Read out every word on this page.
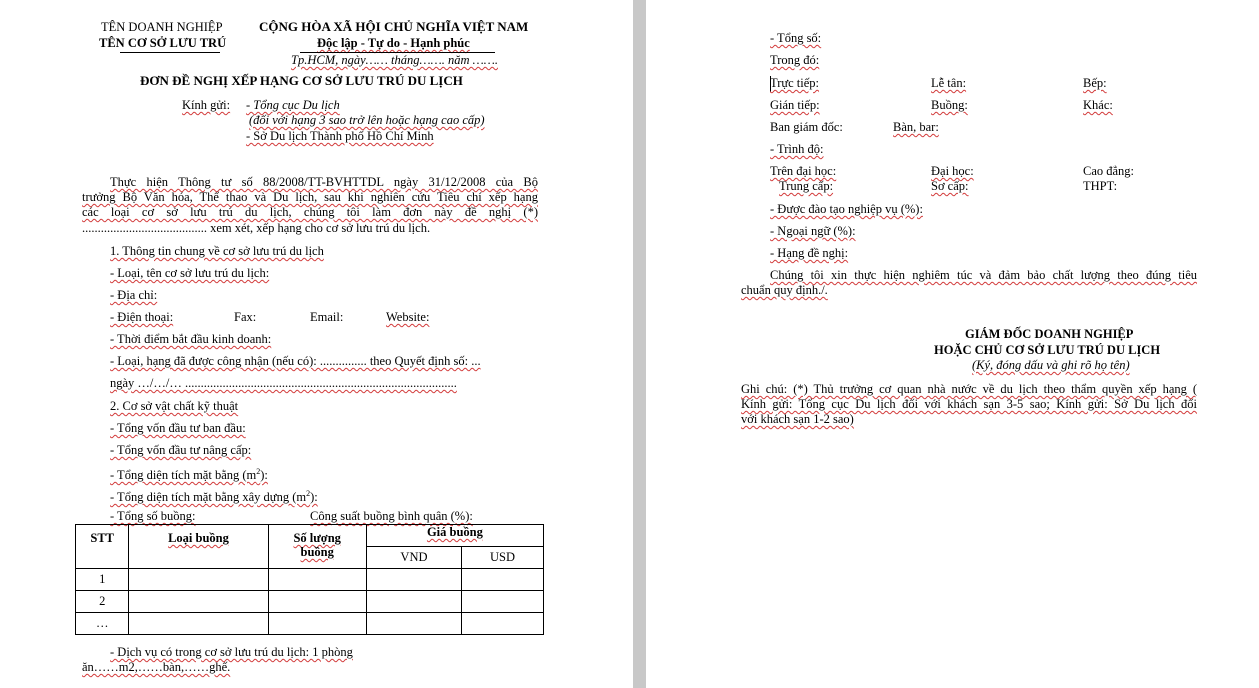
TÊN DOANH NGHIỆP
TÊN CƠ SỞ LƯU TRÚ
CỘNG HÒA XÃ HỘI CHỦ NGHĨA VIỆT NAM
Độc lập - Tự do - Hạnh phúc
Tp.HCM, ngày…… tháng……. năm …….
ĐƠN ĐỀ NGHỊ XẾP HẠNG CƠ SỞ LƯU TRÚ DU LỊCH
Kính gửi: - Tổng cục Du lịch
(đối với hạng 3 sao trở lên hoặc hạng cao cấp)
- Sở Du lịch Thành phố Hồ Chí Minh
Thực hiện Thông tư số 88/2008/TT-BVHTTDL ngày 31/12/2008 của Bộ
trưởng Bộ Văn hóa, Thể thao và Du lịch, sau khi nghiên cứu Tiêu chí xếp hạng
các loại cơ sở lưu trú du lịch, chúng tôi làm đơn này đề nghị (*)
........................................ xem xét, xếp hạng cho cơ sở lưu trú du lịch.
1. Thông tin chung về cơ sở lưu trú du lịch
- Loại, tên cơ sở lưu trú du lịch:
- Địa chỉ:
- Điện thoại:	Fax:	Email:	Website:
- Thời điểm bắt đầu kinh doanh:
- Loại, hạng đã được công nhận (nếu có): ............... theo Quyết định số: ...
ngày …/…/… .......................................................................................
2. Cơ sở vật chất kỹ thuật
- Tổng vốn đầu tư ban đầu:
- Tổng vốn đầu tư nâng cấp:
- Tổng diện tích mặt bằng $(m^2)$:
- Tổng diện tích mặt bằng xây dựng $(m^2)$:
- Tổng số buồng:	Công suất buồng bình quân (%):
STT	Loại buồng	Số lượng buồng	Giá buồng	
			VND	USD
1				
2				
…				
- Dịch vụ có trong cơ sở lưu trú du lịch: 1 phòng
ăn……m2,……bàn,……ghế.
- Tổng số:
Trong đó:
Trực tiếp:	Lễ tân:	Bếp:
Gián tiếp:	Buồng:	Khác:
Ban giám đốc:	Bàn, bar:
- Trình độ:
Trên đại học:	Đại học:	Cao đẳng:
Trung cấp:	Sơ cấp:	THPT:
- Được đào tạo nghiệp vụ (%):
- Ngoại ngữ (%):
- Hạng đề nghị:
Chúng tôi xin thực hiện nghiêm túc và đảm bảo chất lượng theo đúng tiêu
chuẩn quy định./.
GIÁM ĐỐC DOANH NGHIỆP
HOẶC CHỦ CƠ SỞ LƯU TRÚ DU LỊCH
(Ký, đóng dấu và ghi rõ họ tên)
Ghi chú: (*) Thủ trưởng cơ quan nhà nước về du lịch theo thẩm quyền xếp hạng (
Kính gửi: Tổng cục Du lịch đối với khách sạn 3-5 sao; Kính gửi: Sở Du lịch đối
với khách sạn 1-2 sao)
